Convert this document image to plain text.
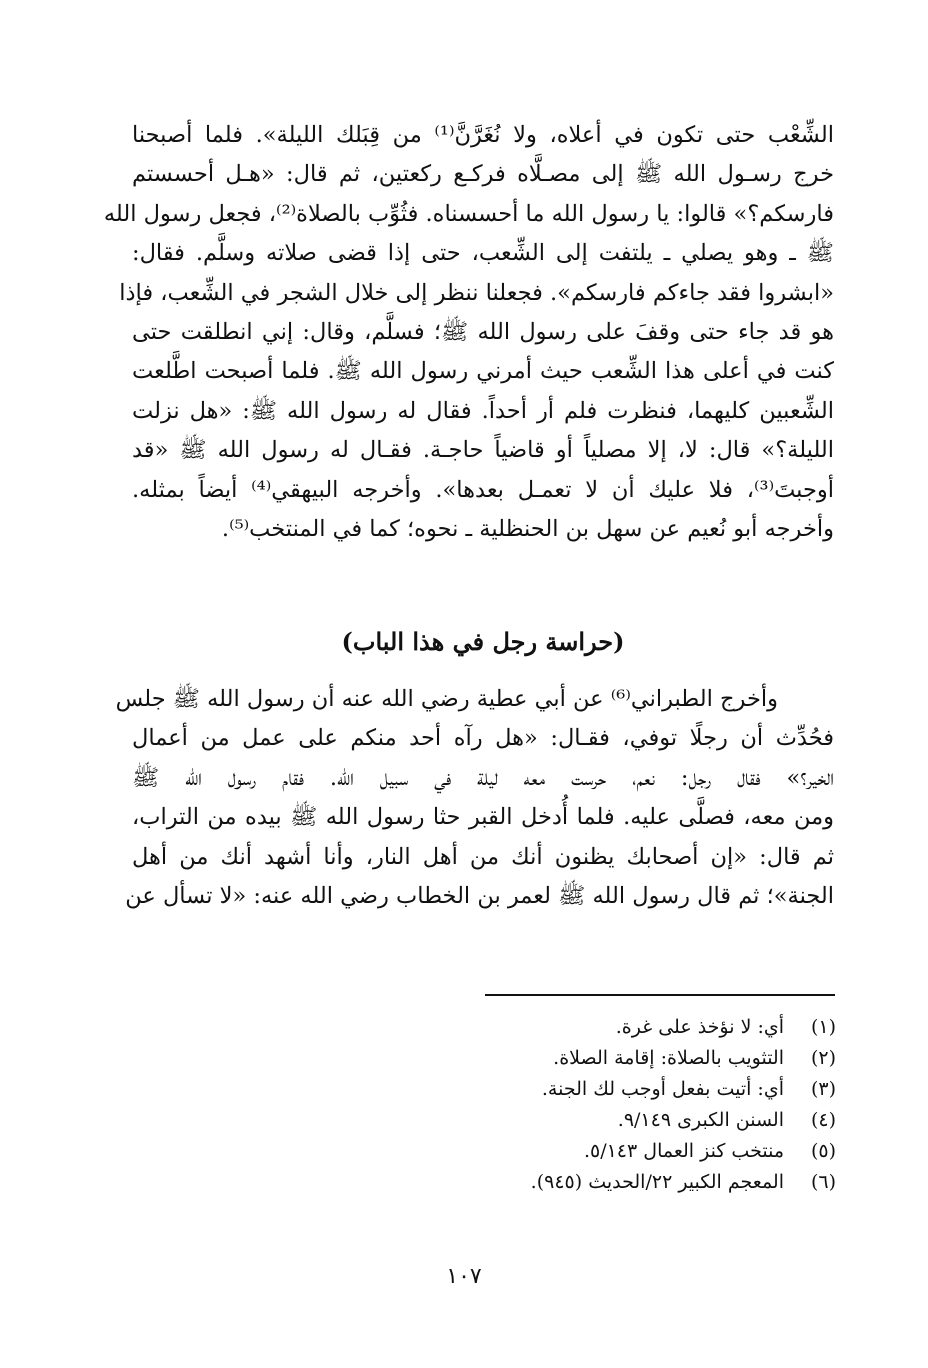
الشِّعْب حتى تكون في أعلاه، ولا نُغَرَّنَّ⁽¹⁾ من قِبَلك الليلة». فلما أصبحنا
خرج رسـول الله ﷺ إلى مصـلَّاه فركـع ركعتين، ثم قال: «هـل أحسستم
فارسكم؟» قالوا: يا رسول الله ما أحسسناه. فثُوِّب بالصلاة⁽²⁾، فجعل رسول الله
ﷺ ـ وهو يصلي ـ يلتفت إلى الشِّعب، حتى إذا قضى صلاته وسلَّم. فقال:
«ابشروا فقد جاءكم فارسكم». فجعلنا ننظر إلى خلال الشجر في الشِّعب، فإذا
هو قد جاء حتى وقفَ على رسول الله ﷺ؛ فسلَّم، وقال: إني انطلقت حتى
كنت في أعلى هذا الشِّعب حيث أمرني رسول الله ﷺ. فلما أصبحت اطَّلعت
الشِّعبين كليهما، فنظرت فلم أر أحداً. فقال له رسول الله ﷺ: «هل نزلت
الليلة؟» قال: لا، إلا مصلياً أو قاضياً حاجـة. فقـال له رسول الله ﷺ «قد
أوجبتَ⁽³⁾، فلا عليك أن لا تعمـل بعدها». وأخرجه البيهقي⁽⁴⁾ أيضاً بمثله.
وأخرجه أبو نُعيم عن سهل بن الحنظلية ـ نحوه؛ كما في المنتخب⁽⁵⁾.
(حراسة رجل في هذا الباب)
وأخرج الطبراني⁽⁶⁾ عن أبي عطية رضي الله عنه أن رسول الله ﷺ جلس
فحُدِّث أن رجلًا توفي، فقـال: «هل رآه أحد منكم على عمل من أعمال
الخير؟» فقال رجل: نعم، حرست معه ليلة في سبيل الله. فقام رسول الله ﷺ
ومن معه، فصلَّى عليه. فلما أُدخل القبر حثا رسول الله ﷺ بيده من التراب،
ثم قال: «إن أصحابك يظنون أنك من أهل النار، وأنا أشهد أنك من أهل
الجنة»؛ ثم قال رسول الله ﷺ لعمر بن الخطاب رضي الله عنه: «لا تسأل عن
(١)
أي: لا نؤخذ على غرة.
(٢)
التثويب بالصلاة: إقامة الصلاة.
(٣)
أي: أتيت بفعل أوجب لك الجنة.
(٤)
السنن الكبرى ٩/١٤٩.
(٥)
منتخب كنز العمال ٥/١٤٣.
(٦)
المعجم الكبير ٢٢/الحديث (٩٤٥).
١٠٧
